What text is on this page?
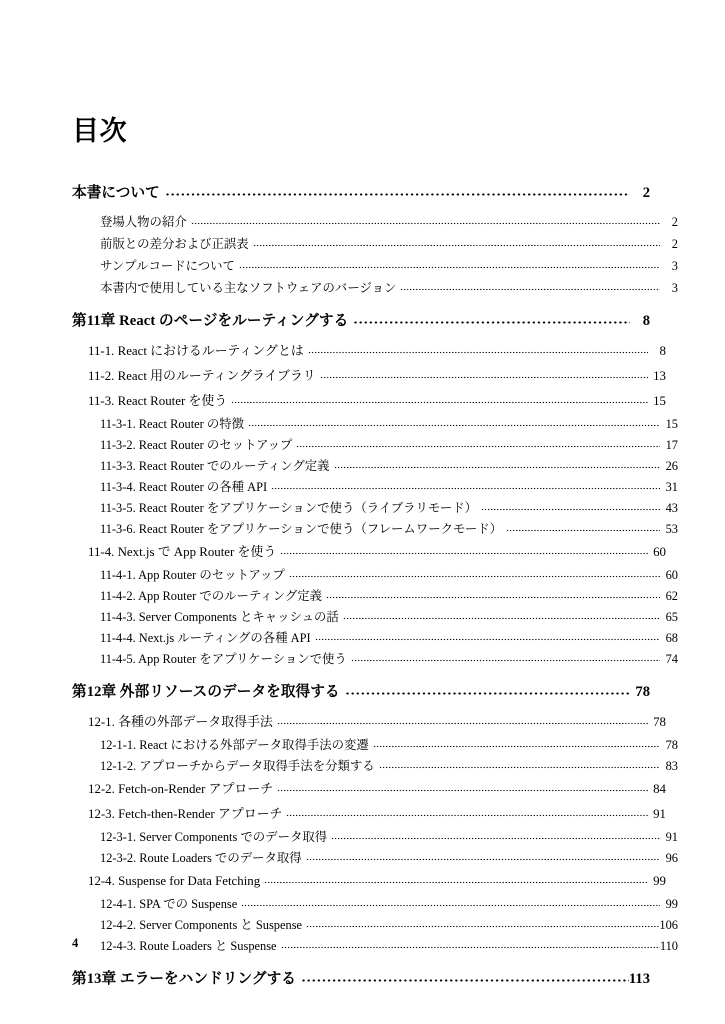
目次
本書について	2
登場人物の紹介	2
前版との差分および正誤表	2
サンプルコードについて	3
本書内で使用している主なソフトウェアのバージョン	3
第11章 React のページをルーティングする	8
11-1. React におけるルーティングとは	8
11-2. React 用のルーティングライブラリ	13
11-3. React Router を使う	15
11-3-1. React Router の特徴	15
11-3-2. React Router のセットアップ	17
11-3-3. React Router でのルーティング定義	26
11-3-4. React Router の各種 API	31
11-3-5. React Router をアプリケーションで使う（ライブラリモード）	43
11-3-6. React Router をアプリケーションで使う（フレームワークモード）	53
11-4. Next.js で App Router を使う	60
11-4-1. App Router のセットアップ	60
11-4-2. App Router でのルーティング定義	62
11-4-3. Server Components とキャッシュの話	65
11-4-4. Next.js ルーティングの各種 API	68
11-4-5. App Router をアプリケーションで使う	74
第12章 外部リソースのデータを取得する	78
12-1. 各種の外部データ取得手法	78
12-1-1. React における外部データ取得手法の変遷	78
12-1-2. アプローチからデータ取得手法を分類する	83
12-2. Fetch-on-Render アプローチ	84
12-3. Fetch-then-Render アプローチ	91
12-3-1. Server Components でのデータ取得	91
12-3-2. Route Loaders でのデータ取得	96
12-4. Suspense for Data Fetching	99
12-4-1. SPA での Suspense	99
12-4-2. Server Components と Suspense	106
12-4-3. Route Loaders と Suspense	110
第13章 エラーをハンドリングする	113
4
